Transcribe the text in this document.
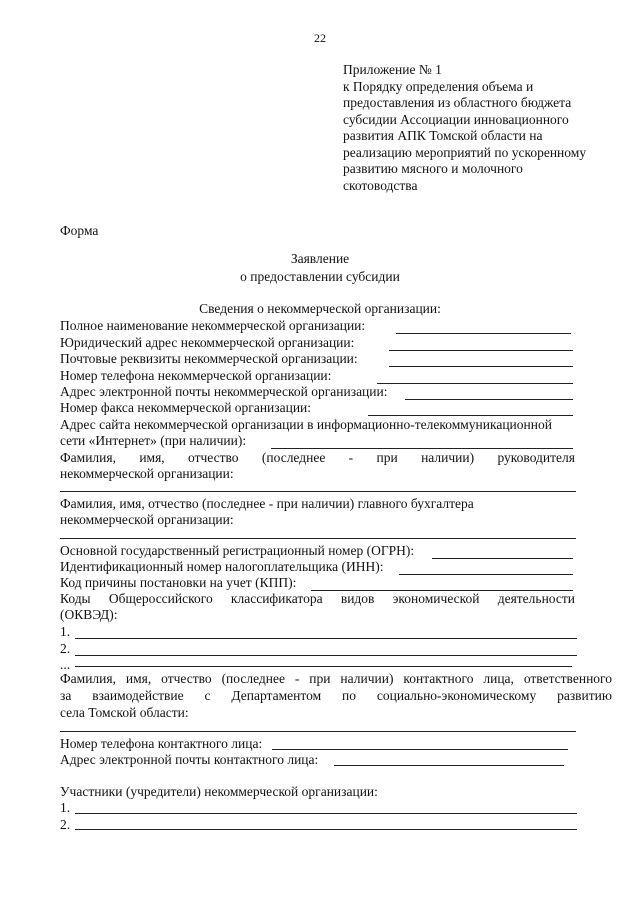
22
Приложение № 1
к Порядку определения объема и
предоставления из областного бюджета
субсидии Ассоциации инновационного
развития АПК Томской области на
реализацию мероприятий по ускоренному
развитию мясного и молочного
скотоводства
Форма
Заявление
о предоставлении субсидии
Сведения о некоммерческой организации:
Полное наименование некоммерческой организации:
Юридический адрес некоммерческой организации:
Почтовые реквизиты некоммерческой организации:
Номер телефона некоммерческой организации:
Адрес электронной почты некоммерческой организации:
Номер факса некоммерческой организации:
Адрес сайта некоммерческой организации в информационно-телекоммуникационной
сети «Интернет» (при наличии):
Фамилия, имя, отчество (последнее - при наличии) руководителя
некоммерческой организации:
Фамилия, имя, отчество (последнее - при наличии) главного бухгалтера
некоммерческой организации:
Основной государственный регистрационный номер (ОГРН):
Идентификационный номер налогоплательщика (ИНН):
Код причины постановки на учет (КПП):
Коды Общероссийского классификатора видов экономической деятельности
(ОКВЭД):
1.
2.
...
Фамилия, имя, отчество (последнее - при наличии) контактного лица, ответственного
за взаимодействие с Департаментом по социально-экономическому развитию
села Томской области:
Номер телефона контактного лица:
Адрес электронной почты контактного лица:
Участники (учредители) некоммерческой организации:
1.
2.
